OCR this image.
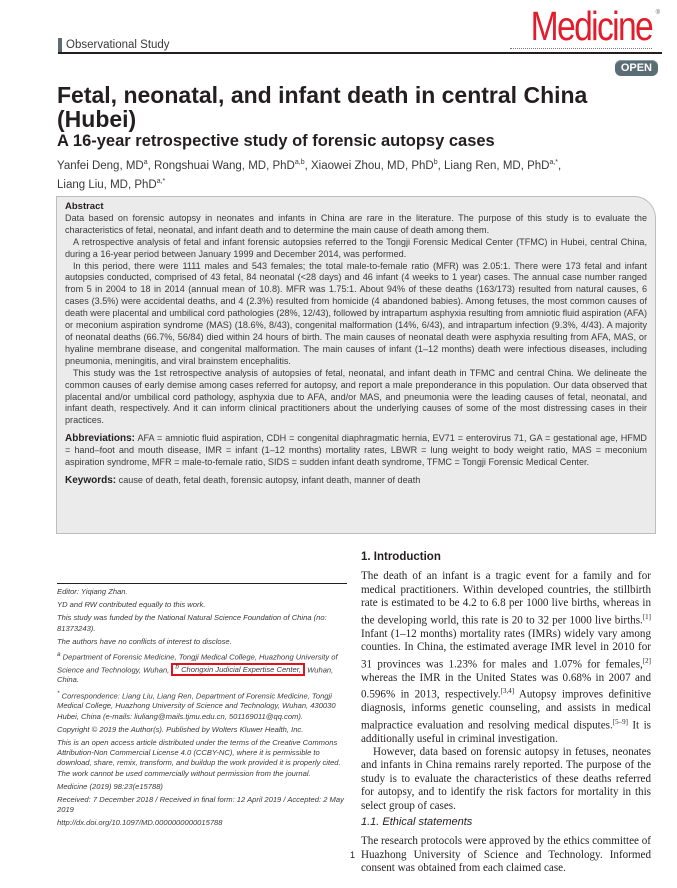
Observational Study	Medicine ®
OPEN
Fetal, neonatal, and infant death in central China (Hubei)
A 16-year retrospective study of forensic autopsy cases
Yanfei Deng, $MD^a$, Rongshuai Wang, MD, PhD$^{a,b}$, Xiaowei Zhou, MD, PhD$^b$, Liang Ren, MD, PhD$^{a,*}$,
Liang Liu, MD, PhD$^{a,*}$
Abstract

Data based on forensic autopsy in neonates and infants in China are rare in the literature. The purpose of this study is to evaluate the characteristics of fetal, neonatal, and infant death and to determine the main cause of death among them.

A retrospective analysis of fetal and infant forensic autopsies referred to the Tongji Forensic Medical Center (TFMC) in Hubei, central China, during a 16-year period between January 1999 and December 2014, was performed.

In this period, there were 1111 males and 543 females; the total male-to-female ratio (MFR) was 2.05:1. There were 173 fetal and infant autopsies conducted, comprised of 43 fetal, 84 neonatal (<28 days) and 46 infant (4 weeks to 1 year) cases. The annual case number ranged from 5 in 2004 to 18 in 2014 (annual mean of 10.8). MFR was 1.75:1. About 94% of these deaths (163/173) resulted from natural causes, 6 cases (3.5%) were accidental deaths, and 4 (2.3%) resulted from homicide (4 abandoned babies). Among fetuses, the most common causes of death were placental and umbilical cord pathologies (28%, 12/43), followed by intrapartum asphyxia resulting from amniotic fluid aspiration (AFA) or meconium aspiration syndrome (MAS) (18.6%, 8/43), congenital malformation (14%, 6/43), and intrapartum infection (9.3%, 4/43). A majority of neonatal deaths (66.7%, 56/84) died within 24 hours of birth. The main causes of neonatal death were asphyxia resulting from AFA, MAS, or hyaline membrane disease, and congenital malformation. The main causes of infant (1–12 months) death were infectious diseases, including pneumonia, meningitis, and viral brainstem encephalitis.

This study was the 1st retrospective analysis of autopsies of fetal, neonatal, and infant death in TFMC and central China. We delineate the common causes of early demise among cases referred for autopsy, and report a male preponderance in this population. Our data observed that placental and/or umbilical cord pathology, asphyxia due to AFA, and/or MAS, and pneumonia were the leading causes of fetal, neonatal, and infant death, respectively. And it can inform clinical practitioners about the underlying causes of some of the most distressing cases in their practices.

Abbreviations: AFA = amniotic fluid aspiration, CDH = congenital diaphragmatic hernia, EV71 = enterovirus 71, GA = gestational age, HFMD = hand–foot and mouth disease, IMR = infant (1–12 months) mortality rates, LBWR = lung weight to body weight ratio, MAS = meconium aspiration syndrome, MFR = male-to-female ratio, SIDS = sudden infant death syndrome, TFMC = Tongji Forensic Medical Center.
Keywords: cause of death, fetal death, forensic autopsy, infant death, manner of death

Editor: Yiqiang Zhan.

YD and RW contributed equally to this work.

This study was funded by the National Natural Science Foundation of China (no: 81373243).

The authors have no conflicts of interest to disclose.

$^a$ Department of Forensic Medicine, Tongji Medical College, Huazhong University of Science and Technology, Wuhan, $^b$ Chongxin Judicial Expertise Center, Wuhan, China.

* Correspondence: Liang Liu, Liang Ren, Department of Forensic Medicine, Tongji Medical College, Huazhong University of Science and Technology, Wuhan, 430030 Hubei, China (e-mails: liuliang@mails.tjmu.edu.cn, 501169011@qq.com).

Copyright © 2019 the Author(s). Published by Wolters Kluwer Health, Inc.

This is an open access article distributed under the terms of the Creative Commons Attribution-Non Commercial License 4.0 (CCBY-NC), where it is permissible to download, share, remix, transform, and buildup the work provided it is properly cited. The work cannot be used commercially without permission from the journal.

Medicine (2019) 98:23(e15788)

Received: 7 December 2018 / Received in final form: 12 April 2019 / Accepted: 2 May 2019

http://dx.doi.org/10.1097/MD.0000000000015788

1. Introduction

The death of an infant is a tragic event for a family and for medical practitioners. Within developed countries, the stillbirth rate is estimated to be 4.2 to 6.8 per 1000 live births, whereas in the developing world, this rate is 20 to 32 per 1000 live births.[1] Infant (1–12 months) mortality rates (IMRs) widely vary among counties. In China, the estimated average IMR level in 2010 for 31 provinces was 1.23% for males and 1.07% for females,[2] whereas the IMR in the United States was 0.68% in 2007 and 0.596% in 2013, respectively.[3,4] Autopsy improves definitive diagnosis, informs genetic counseling, and assists in medical malpractice evaluation and resolving medical disputes.[5–9] It is additionally useful in criminal investigation.

However, data based on forensic autopsy in fetuses, neonates and infants in China remains rarely reported. The purpose of the study is to evaluate the characteristics of these deaths referred for autopsy, and to identify the risk factors for mortality in this select group of cases.

1.1. Ethical statements

The research protocols were approved by the ethics committee of Huazhong University of Science and Technology. Informed consent was obtained from each claimed case.

1
